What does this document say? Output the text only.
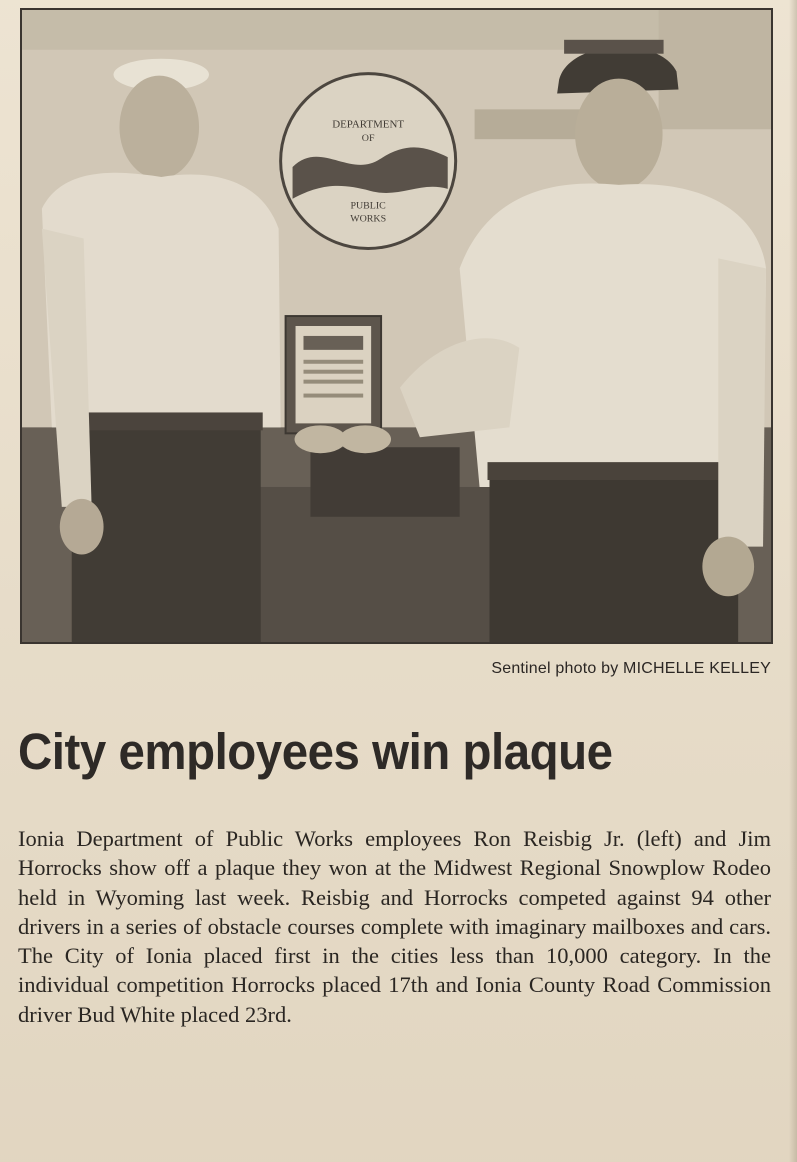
DEPARTMENT
OF
PUBLIC
WORKS
Sentinel photo by MICHELLE KELLEY
City employees win plaque

Ionia Department of Public Works employees Ron Reisbig Jr. (left) and Jim Horrocks show off a plaque they won at the Midwest Regional Snowplow Rodeo held in Wyoming last week. Reisbig and Horrocks competed against 94 other drivers in a series of obstacle courses complete with imaginary mailboxes and cars. The City of Ionia placed first in the cities less than 10,000 category. In the individual competition Horrocks placed 17th and Ionia County Road Commission driver Bud White placed 23rd.
